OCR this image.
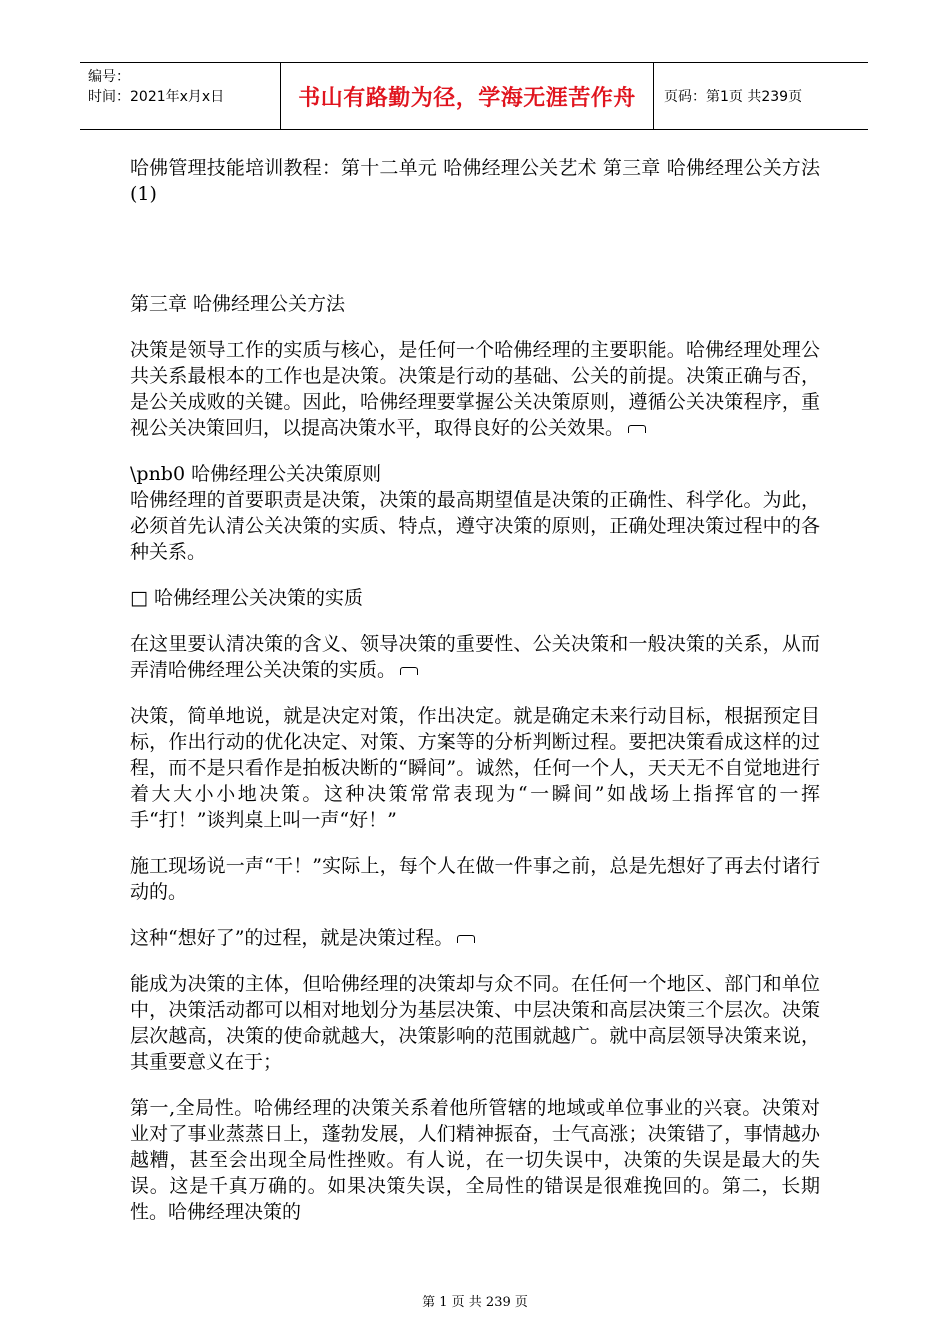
编号：
时间：2021年x月x日	书山有路勤为径，学海无涯苦作舟	页码：第1页 共239页

哈佛管理技能培训教程：第十二单元 哈佛经理公关艺术 第三章 哈佛经理公关方法(1)

第三章 哈佛经理公关方法

决策是领导工作的实质与核心，是任何一个哈佛经理的主要职能。哈佛经理处理公共关系最根本的工作也是决策。决策是行动的基础、公关的前提。决策正确与否，是公关成败的关键。因此，哈佛经理要掌握公关决策原则，遵循公关决策程序，重视公关决策回归，以提高决策水平，取得良好的公关效果。

\pnb0 哈佛经理公关决策原则

哈佛经理的首要职责是决策，决策的最高期望值是决策的正确性、科学化。为此，必须首先认清公关决策的实质、特点，遵守决策的原则，正确处理决策过程中的各种关系。

□ 哈佛经理公关决策的实质

在这里要认清决策的含义、领导决策的重要性、公关决策和一般决策的关系，从而弄清哈佛经理公关决策的实质。

决策，简单地说，就是决定对策，作出决定。就是确定未来行动目标，根据预定目标，作出行动的优化决定、对策、方案等的分析判断过程。要把决策看成这样的过程，而不是只看作是拍板决断的“瞬间”。诚然，任何一个人，天天无不自觉地进行着大大小小地决策。这种决策常常表现为“一瞬间”如战场上指挥官的一挥手“打！”谈判桌上叫一声“好！”

施工现场说一声“干！”实际上，每个人在做一件事之前，总是先想好了再去付诸行动的。

这种“想好了”的过程，就是决策过程。

能成为决策的主体，但哈佛经理的决策却与众不同。在任何一个地区、部门和单位中，决策活动都可以相对地划分为基层决策、中层决策和高层决策三个层次。决策层次越高，决策的使命就越大，决策影响的范围就越广。就中高层领导决策来说，其重要意义在于；

第一,全局性。哈佛经理的决策关系着他所管辖的地域或单位事业的兴衰。决策对业对了事业蒸蒸日上，蓬勃发展，人们精神振奋，士气高涨；决策错了，事情越办越糟，甚至会出现全局性挫败。有人说，在一切失误中，决策的失误是最大的失误。这是千真万确的。如果决策失误，全局性的错误是很难挽回的。第二，长期性。哈佛经理决策的

第 1 页 共 239 页
